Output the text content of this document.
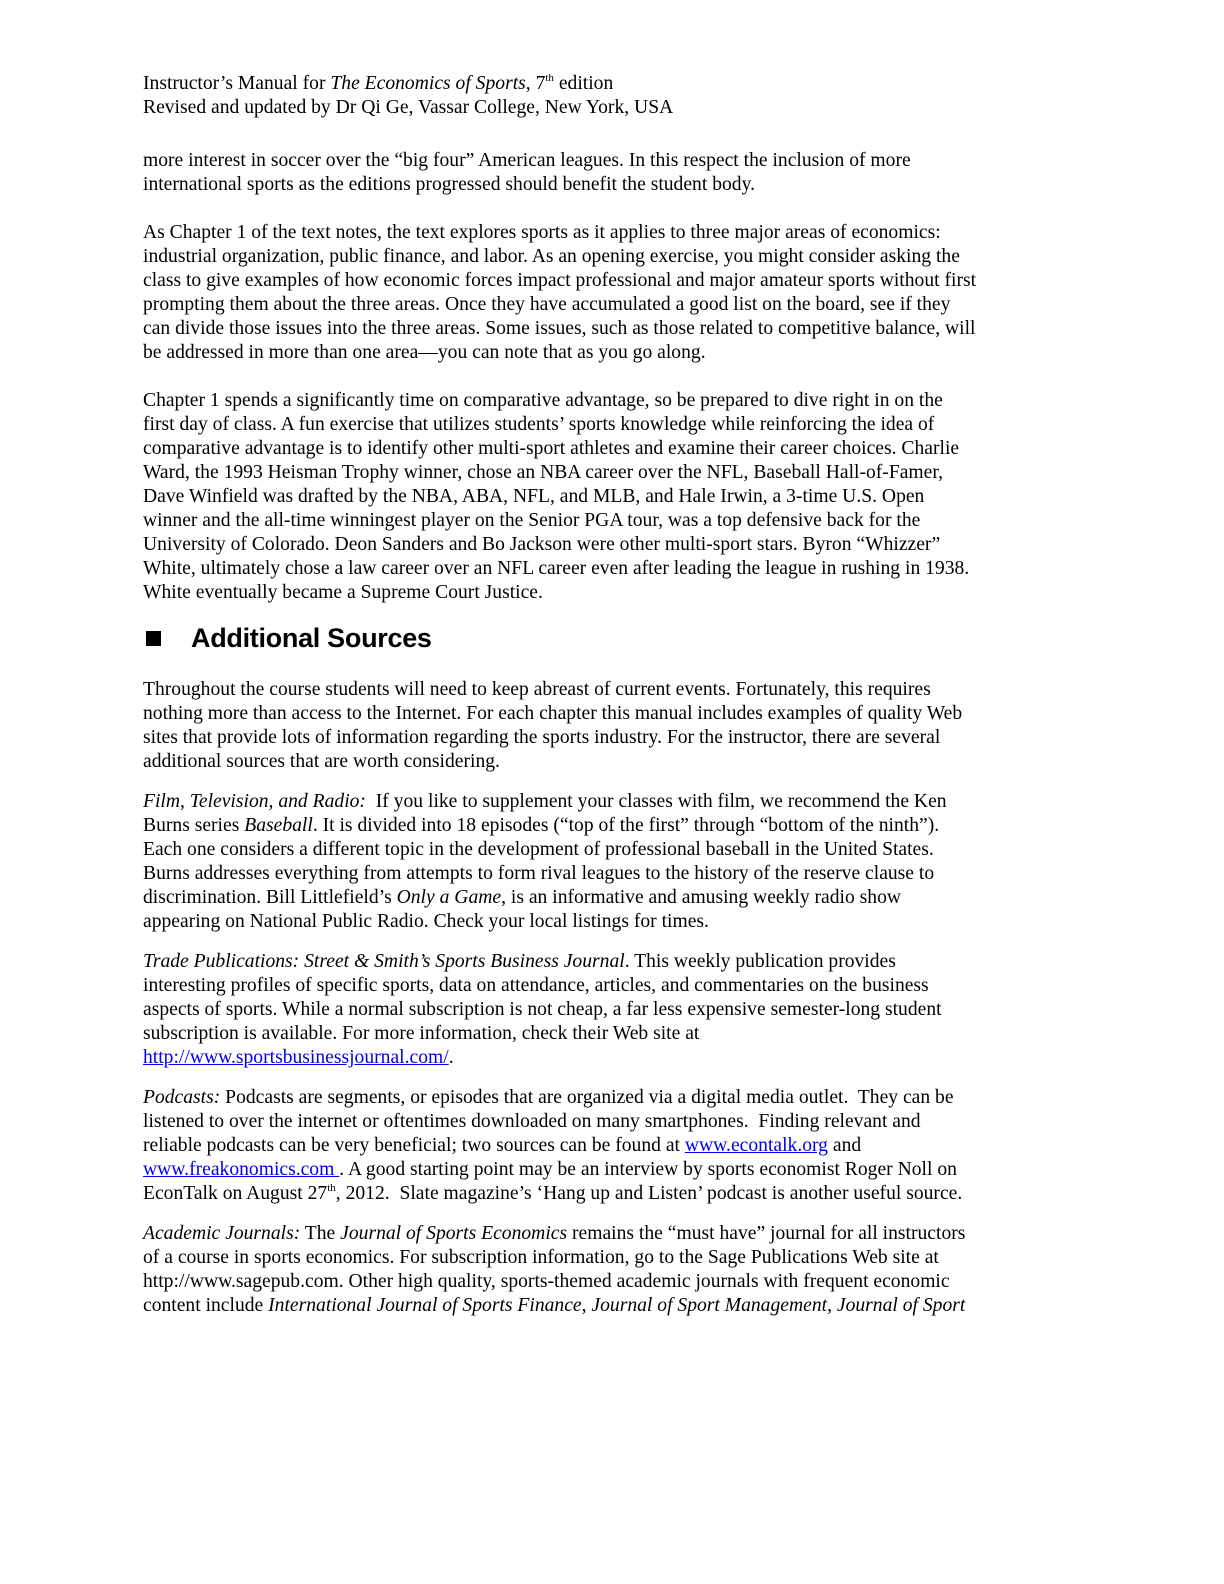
Instructor’s Manual for The Economics of Sports, 7th edition
Revised and updated by Dr Qi Ge, Vassar College, New York, USA

more interest in soccer over the “big four” American leagues. In this respect the inclusion of more
international sports as the editions progressed should benefit the student body.

As Chapter 1 of the text notes, the text explores sports as it applies to three major areas of economics:
industrial organization, public finance, and labor. As an opening exercise, you might consider asking the
class to give examples of how economic forces impact professional and major amateur sports without first
prompting them about the three areas. Once they have accumulated a good list on the board, see if they
can divide those issues into the three areas. Some issues, such as those related to competitive balance, will
be addressed in more than one area—you can note that as you go along.

Chapter 1 spends a significantly time on comparative advantage, so be prepared to dive right in on the
first day of class. A fun exercise that utilizes students’ sports knowledge while reinforcing the idea of
comparative advantage is to identify other multi-sport athletes and examine their career choices. Charlie
Ward, the 1993 Heisman Trophy winner, chose an NBA career over the NFL, Baseball Hall-of-Famer,
Dave Winfield was drafted by the NBA, ABA, NFL, and MLB, and Hale Irwin, a 3-time U.S. Open
winner and the all-time winningest player on the Senior PGA tour, was a top defensive back for the
University of Colorado. Deon Sanders and Bo Jackson were other multi-sport stars. Byron “Whizzer”
White, ultimately chose a law career over an NFL career even after leading the league in rushing in 1938.
White eventually became a Supreme Court Justice.

Additional Sources

Throughout the course students will need to keep abreast of current events. Fortunately, this requires
nothing more than access to the Internet. For each chapter this manual includes examples of quality Web
sites that provide lots of information regarding the sports industry. For the instructor, there are several
additional sources that are worth considering.

Film, Television, and Radio:  If you like to supplement your classes with film, we recommend the Ken
Burns series Baseball. It is divided into 18 episodes (“top of the first” through “bottom of the ninth”).
Each one considers a different topic in the development of professional baseball in the United States.
Burns addresses everything from attempts to form rival leagues to the history of the reserve clause to
discrimination. Bill Littlefield’s Only a Game, is an informative and amusing weekly radio show
appearing on National Public Radio. Check your local listings for times.

Trade Publications: Street & Smith’s Sports Business Journal. This weekly publication provides
interesting profiles of specific sports, data on attendance, articles, and commentaries on the business
aspects of sports. While a normal subscription is not cheap, a far less expensive semester-long student
subscription is available. For more information, check their Web site at
http://www.sportsbusinessjournal.com/.

Podcasts: Podcasts are segments, or episodes that are organized via a digital media outlet.  They can be
listened to over the internet or oftentimes downloaded on many smartphones.  Finding relevant and
reliable podcasts can be very beneficial; two sources can be found at www.econtalk.org and
www.freakonomics.com . A good starting point may be an interview by sports economist Roger Noll on
EconTalk on August 27th, 2012.  Slate magazine’s ‘Hang up and Listen’ podcast is another useful source.

Academic Journals: The Journal of Sports Economics remains the “must have” journal for all instructors
of a course in sports economics. For subscription information, go to the Sage Publications Web site at
http://www.sagepub.com. Other high quality, sports-themed academic journals with frequent economic
content include International Journal of Sports Finance, Journal of Sport Management, Journal of Sport
